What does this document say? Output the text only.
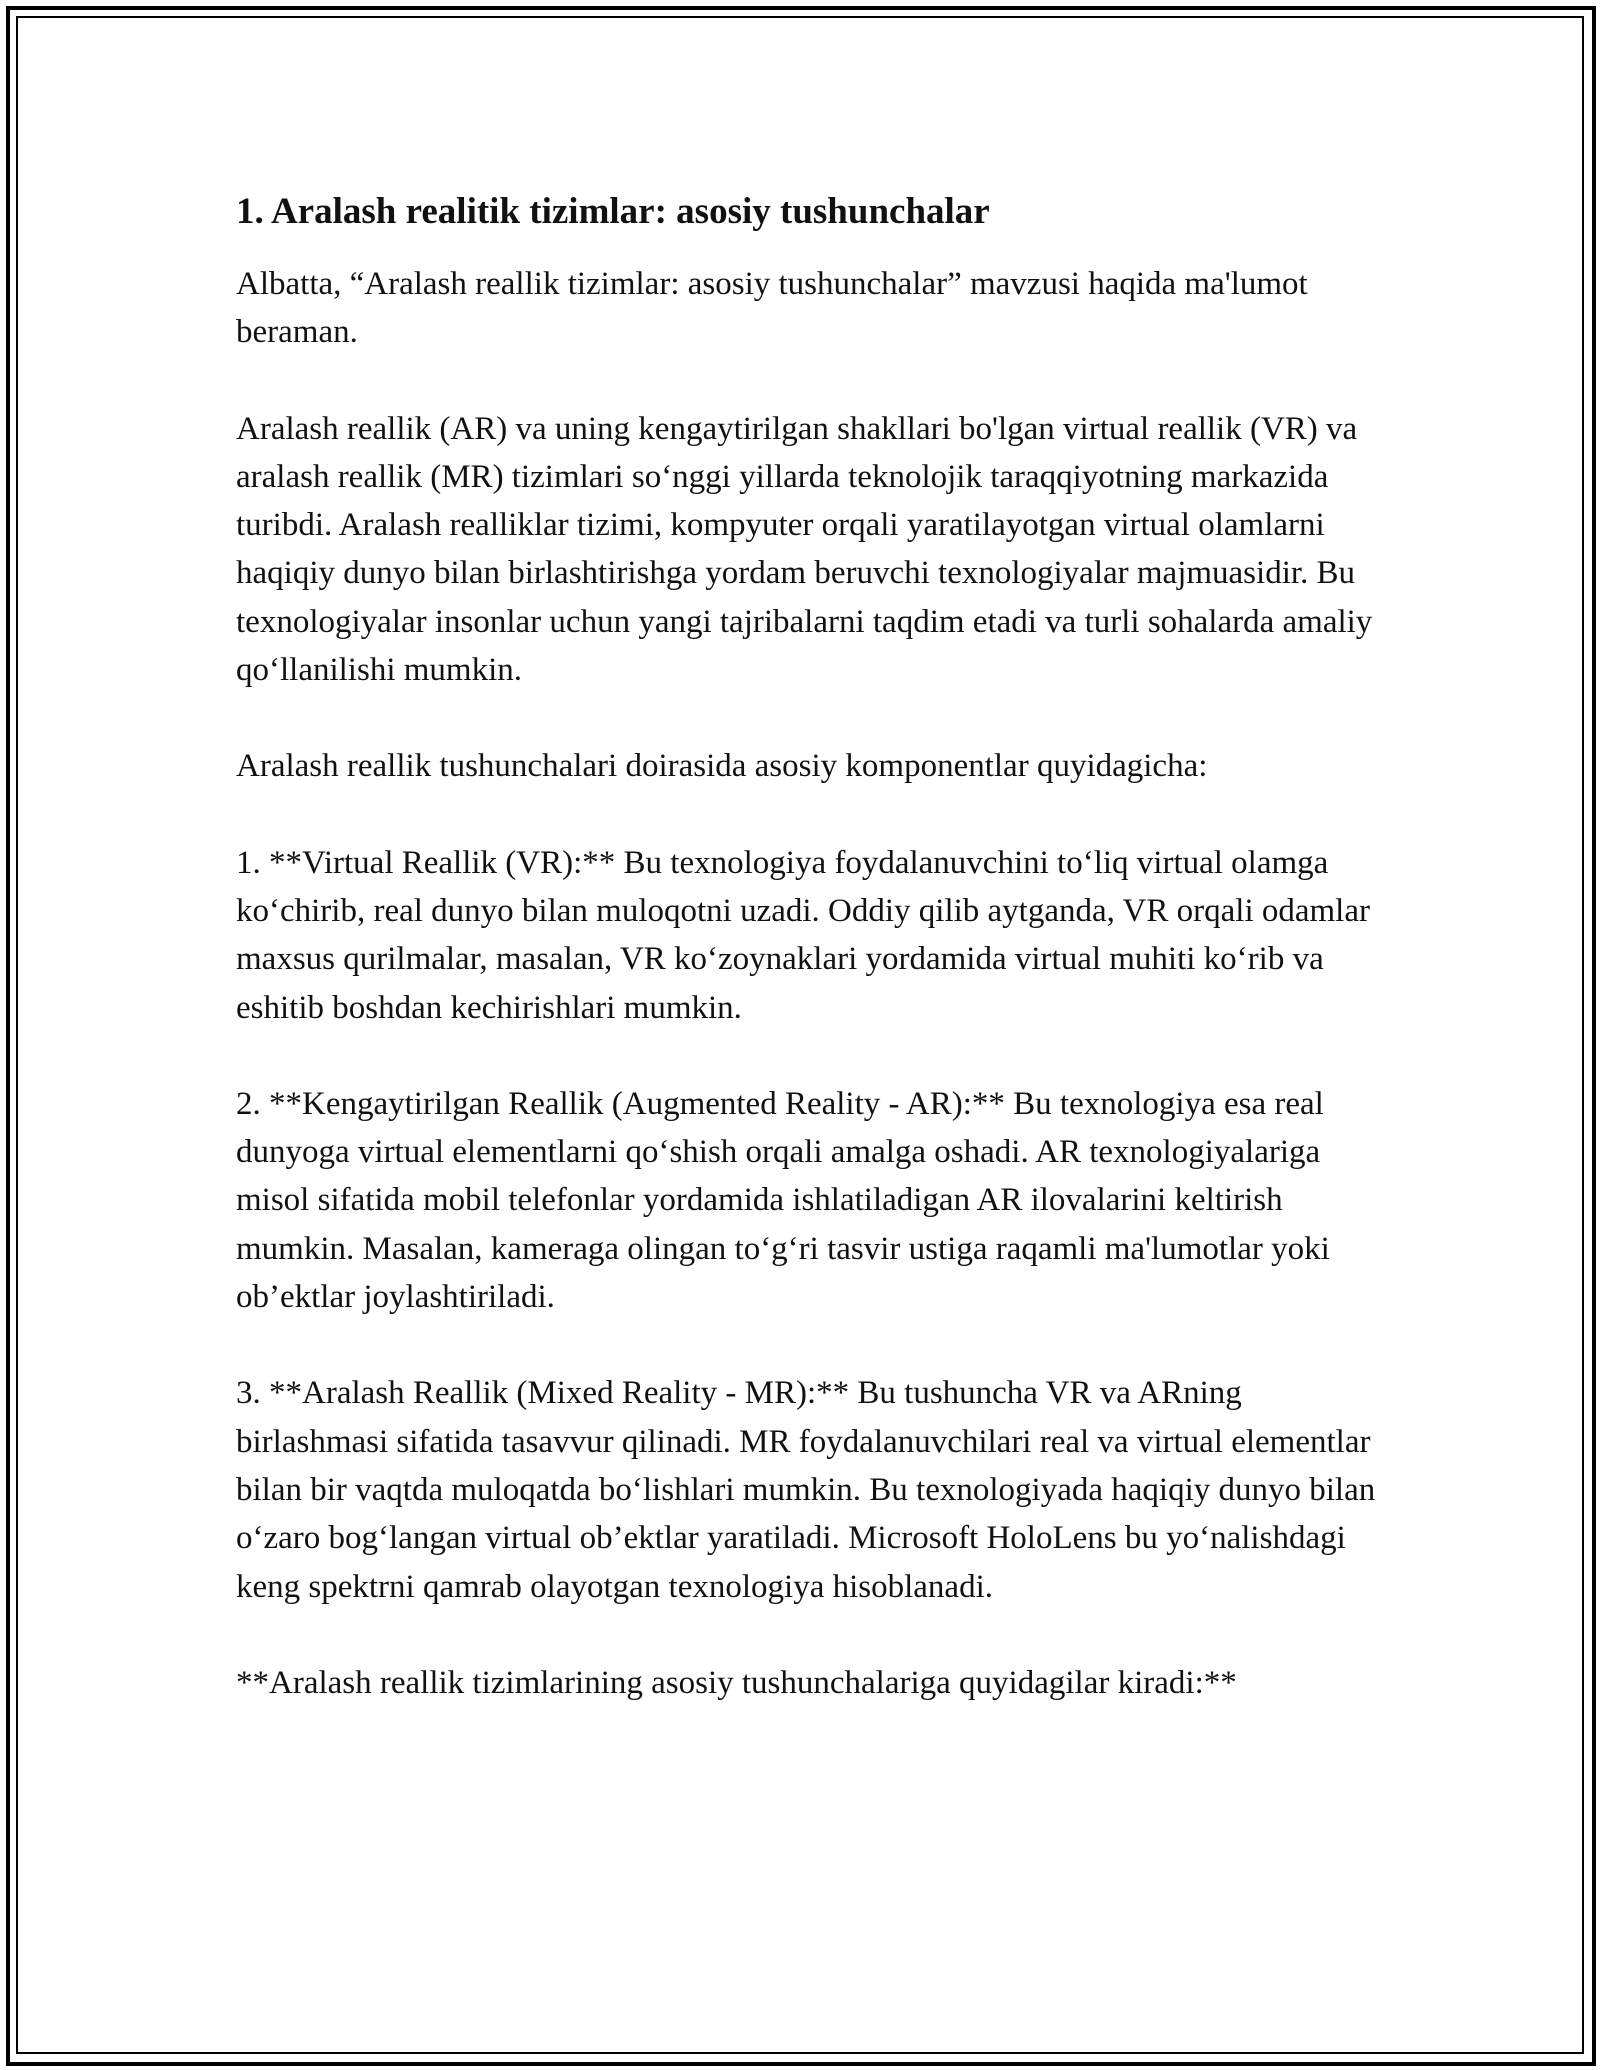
1. Aralash realitik tizimlar: asosiy tushunchalar

Albatta, “Aralash reallik tizimlar: asosiy tushunchalar” mavzusi haqida ma'lumot beraman.

Aralash reallik (AR) va uning kengaytirilgan shakllari bo'lgan virtual reallik (VR) va aralash reallik (MR) tizimlari so‘nggi yillarda teknolojik taraqqiyotning markazida turibdi. Aralash realliklar tizimi, kompyuter orqali yaratilayotgan virtual olamlarni haqiqiy dunyo bilan birlashtirishga yordam beruvchi texnologiyalar majmuasidir. Bu texnologiyalar insonlar uchun yangi tajribalarni taqdim etadi va turli sohalarda amaliy qo‘llanilishi mumkin.

Aralash reallik tushunchalari doirasida asosiy komponentlar quyidagicha:

1. **Virtual Reallik (VR):** Bu texnologiya foydalanuvchini to‘liq virtual olamga ko‘chirib, real dunyo bilan muloqotni uzadi. Oddiy qilib aytganda, VR orqali odamlar maxsus qurilmalar, masalan, VR ko‘zoynaklari yordamida virtual muhiti ko‘rib va eshitib boshdan kechirishlari mumkin.

2. **Kengaytirilgan Reallik (Augmented Reality - AR):** Bu texnologiya esa real dunyoga virtual elementlarni qo‘shish orqali amalga oshadi. AR texnologiyalariga misol sifatida mobil telefonlar yordamida ishlatiladigan AR ilovalarini keltirish mumkin. Masalan, kameraga olingan to‘g‘ri tasvir ustiga raqamli ma'lumotlar yoki ob’ektlar joylashtiriladi.

3. **Aralash Reallik (Mixed Reality - MR):** Bu tushuncha VR va ARning birlashmasi sifatida tasavvur qilinadi. MR foydalanuvchilari real va virtual elementlar bilan bir vaqtda muloqatda bo‘lishlari mumkin. Bu texnologiyada haqiqiy dunyo bilan o‘zaro bog‘langan virtual ob’ektlar yaratiladi. Microsoft HoloLens bu yo‘nalishdagi keng spektrni qamrab olayotgan texnologiya hisoblanadi.

**Aralash reallik tizimlarining asosiy tushunchalariga quyidagilar kiradi:**
